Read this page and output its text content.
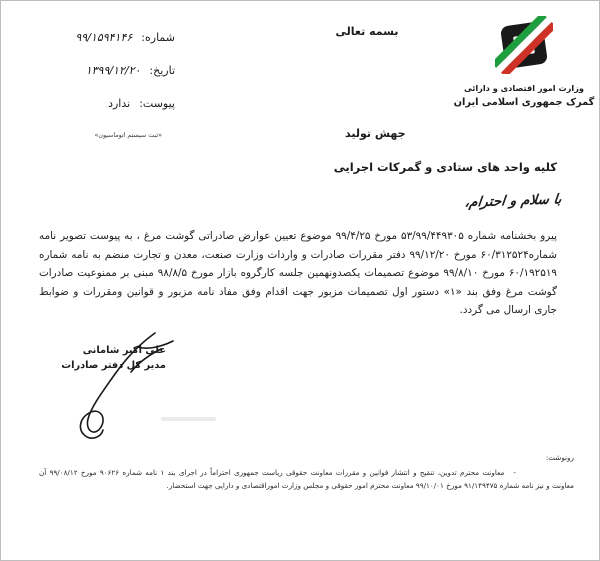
شماره:۹۹/۱۵۹۴۱۴۶
تاریخ:۱۳۹۹/۱۲/۲۰
پیوست:ندارد
«ثبت سیستم اتوماسیون»
بسمه تعالی
وزارت امور اقتصادی و دارائی
گمرک جمهوری اسلامی ایران
جهش تولید
کلیه واحد های ستادی و گمرکات اجرایی
با سلام و احترام،

پیرو بخشنامه شماره ۵۳/۹۹/۴۴۹۳۰۵ مورخ ۹۹/۴/۲۵ موضوع تعیین عوارض صادراتی گوشت مرغ ، به پیوست تصویر نامه شماره۶۰/۳۱۲۵۲۴ مورخ ۹۹/۱۲/۲۰ دفتر مقررات صادرات و واردات وزارت صنعت، معدن و تجارت منضم به نامه شماره ۶۰/۱۹۲۵۱۹ مورخ ۹۹/۸/۱۰ موضوع تصمیمات یکصدونهمین جلسه کارگروه بازار مورخ ۹۸/۸/۵ مبنی بر ممنوعیت صادرات گوشت مرغ وفق بند «۱» دستور اول تصمیمات مزبور جهت اقدام وفق مفاد نامه مزبور و قوانین ومقررات و ضوابط جاری ارسال می گردد.

علی اکبر شامانی
مدیر کل دفتر صادرات
رونوشت:

-معاونت محترم تدوین، تنقیح و انتشار قوانین و مقررات معاونت حقوقی ریاست جمهوری احتراماً در اجرای بند ۱ نامه شماره ۹۰۶۲۶ مورخ ۹۹/۰۸/۱۲ آن معاونت و نیز نامه شماره ۹۱/۱۴۹۴۷۵ مورخ ۹۹/۱۰/۰۱ معاونت محترم امور حقوقی و مجلس وزارت اموراقتصادی و دارایی جهت استحضار.
